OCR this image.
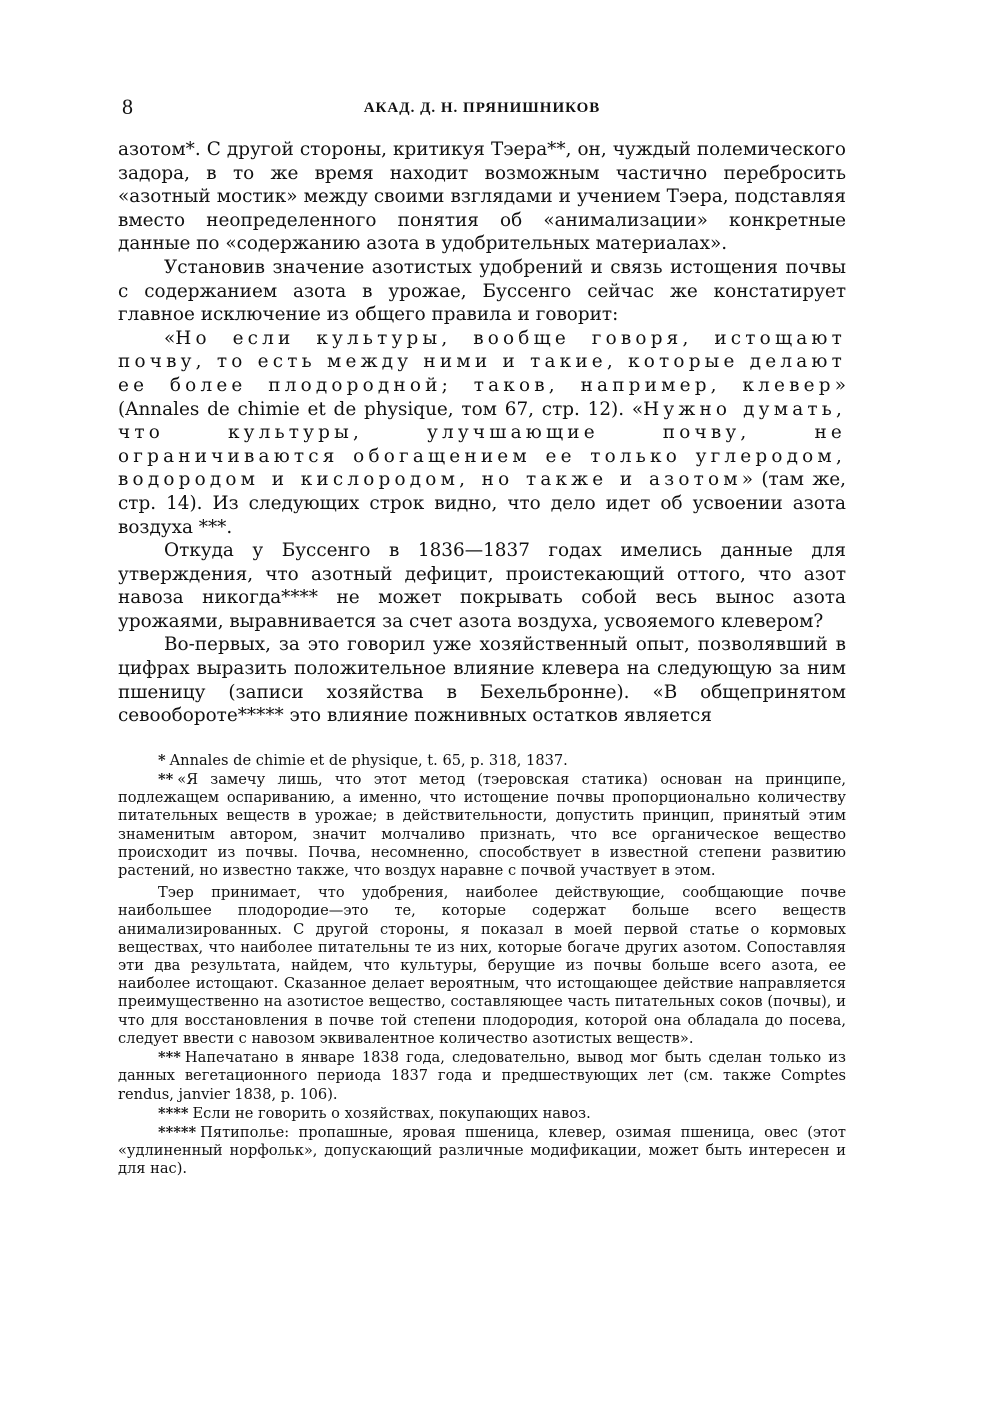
8	АКАД. Д. Н. ПРЯНИШНИКОВ

азотом*. С другой стороны, критикуя Тэера**, он, чуждый полемического задора, в то же время находит возможным частично перебросить «азотный мостик» между своими взглядами и учением Тэера, подставляя вместо неопределенного понятия об «анимализации» конкретные данные по «содержанию азота в удобрительных материалах».

Установив значение азотистых удобрений и связь истощения почвы с содержанием азота в урожае, Буссенго сейчас же констатирует главное исключение из общего правила и говорит:

«Но если культуры, вообще говоря, истощают почву, то есть между ними и такие, которые делают ее более плодородной; таков, например, клевер» (Annales de chimie et de physique, том 67, стр. 12). «Нужно думать, что культуры, улучшающие почву, не ограничиваются обогащением ее только углеродом, водородом и кислородом, но также и азотом» (там же, стр. 14). Из следующих строк видно, что дело идет об усвоении азота воздуха ***.

Откуда у Буссенго в 1836—1837 годах имелись данные для утверждения, что азотный дефицит, проистекающий оттого, что азот навоза никогда**** не может покрывать собой весь вынос азота урожаями, выравнивается за счет азота воздуха, усвояемого клевером?

Во-первых, за это говорил уже хозяйственный опыт, позволявший в цифрах выразить положительное влияние клевера на следующую за ним пшеницу (записи хозяйства в Бехельбронне). «В общепринятом севообороте***** это влияние пожнивных остатков является

* Annales de chimie et de physique, t. 65, p. 318, 1837.

** «Я замечу лишь, что этот метод (тэеровская статика) основан на принципе, подлежащем оспариванию, а именно, что истощение почвы пропорционально количеству питательных веществ в урожае; в действительности, допустить принцип, принятый этим знаменитым автором, значит молчаливо признать, что все органическое вещество происходит из почвы. Почва, несомненно, способствует в известной степени развитию растений, но известно также, что воздух наравне с почвой участвует в этом.

Тэер принимает, что удобрения, наиболее действующие, сообщающие почве наибольшее плодородие—это те, которые содержат больше всего веществ анимализированных. С другой стороны, я показал в моей первой статье о кормовых веществах, что наиболее питательны те из них, которые богаче других азотом. Сопоставляя эти два результата, найдем, что культуры, берущие из почвы больше всего азота, ее наиболее истощают. Сказанное делает вероятным, что истощающее действие направляется преимущественно на азотистое вещество, составляющее часть питательных соков (почвы), и что для восстановления в почве той степени плодородия, которой она обладала до посева, следует ввести с навозом эквивалентное количество азотистых веществ».

*** Напечатано в январе 1838 года, следовательно, вывод мог быть сделан только из данных вегетационного периода 1837 года и предшествующих лет (см. также Comptes rendus, janvier 1838, p. 106).

**** Если не говорить о хозяйствах, покупающих навоз.

***** Пятиполье: пропашные, яровая пшеница, клевер, озимая пшеница, овес (этот «удлиненный норфольк», допускающий различные модификации, может быть интересен и для нас).
